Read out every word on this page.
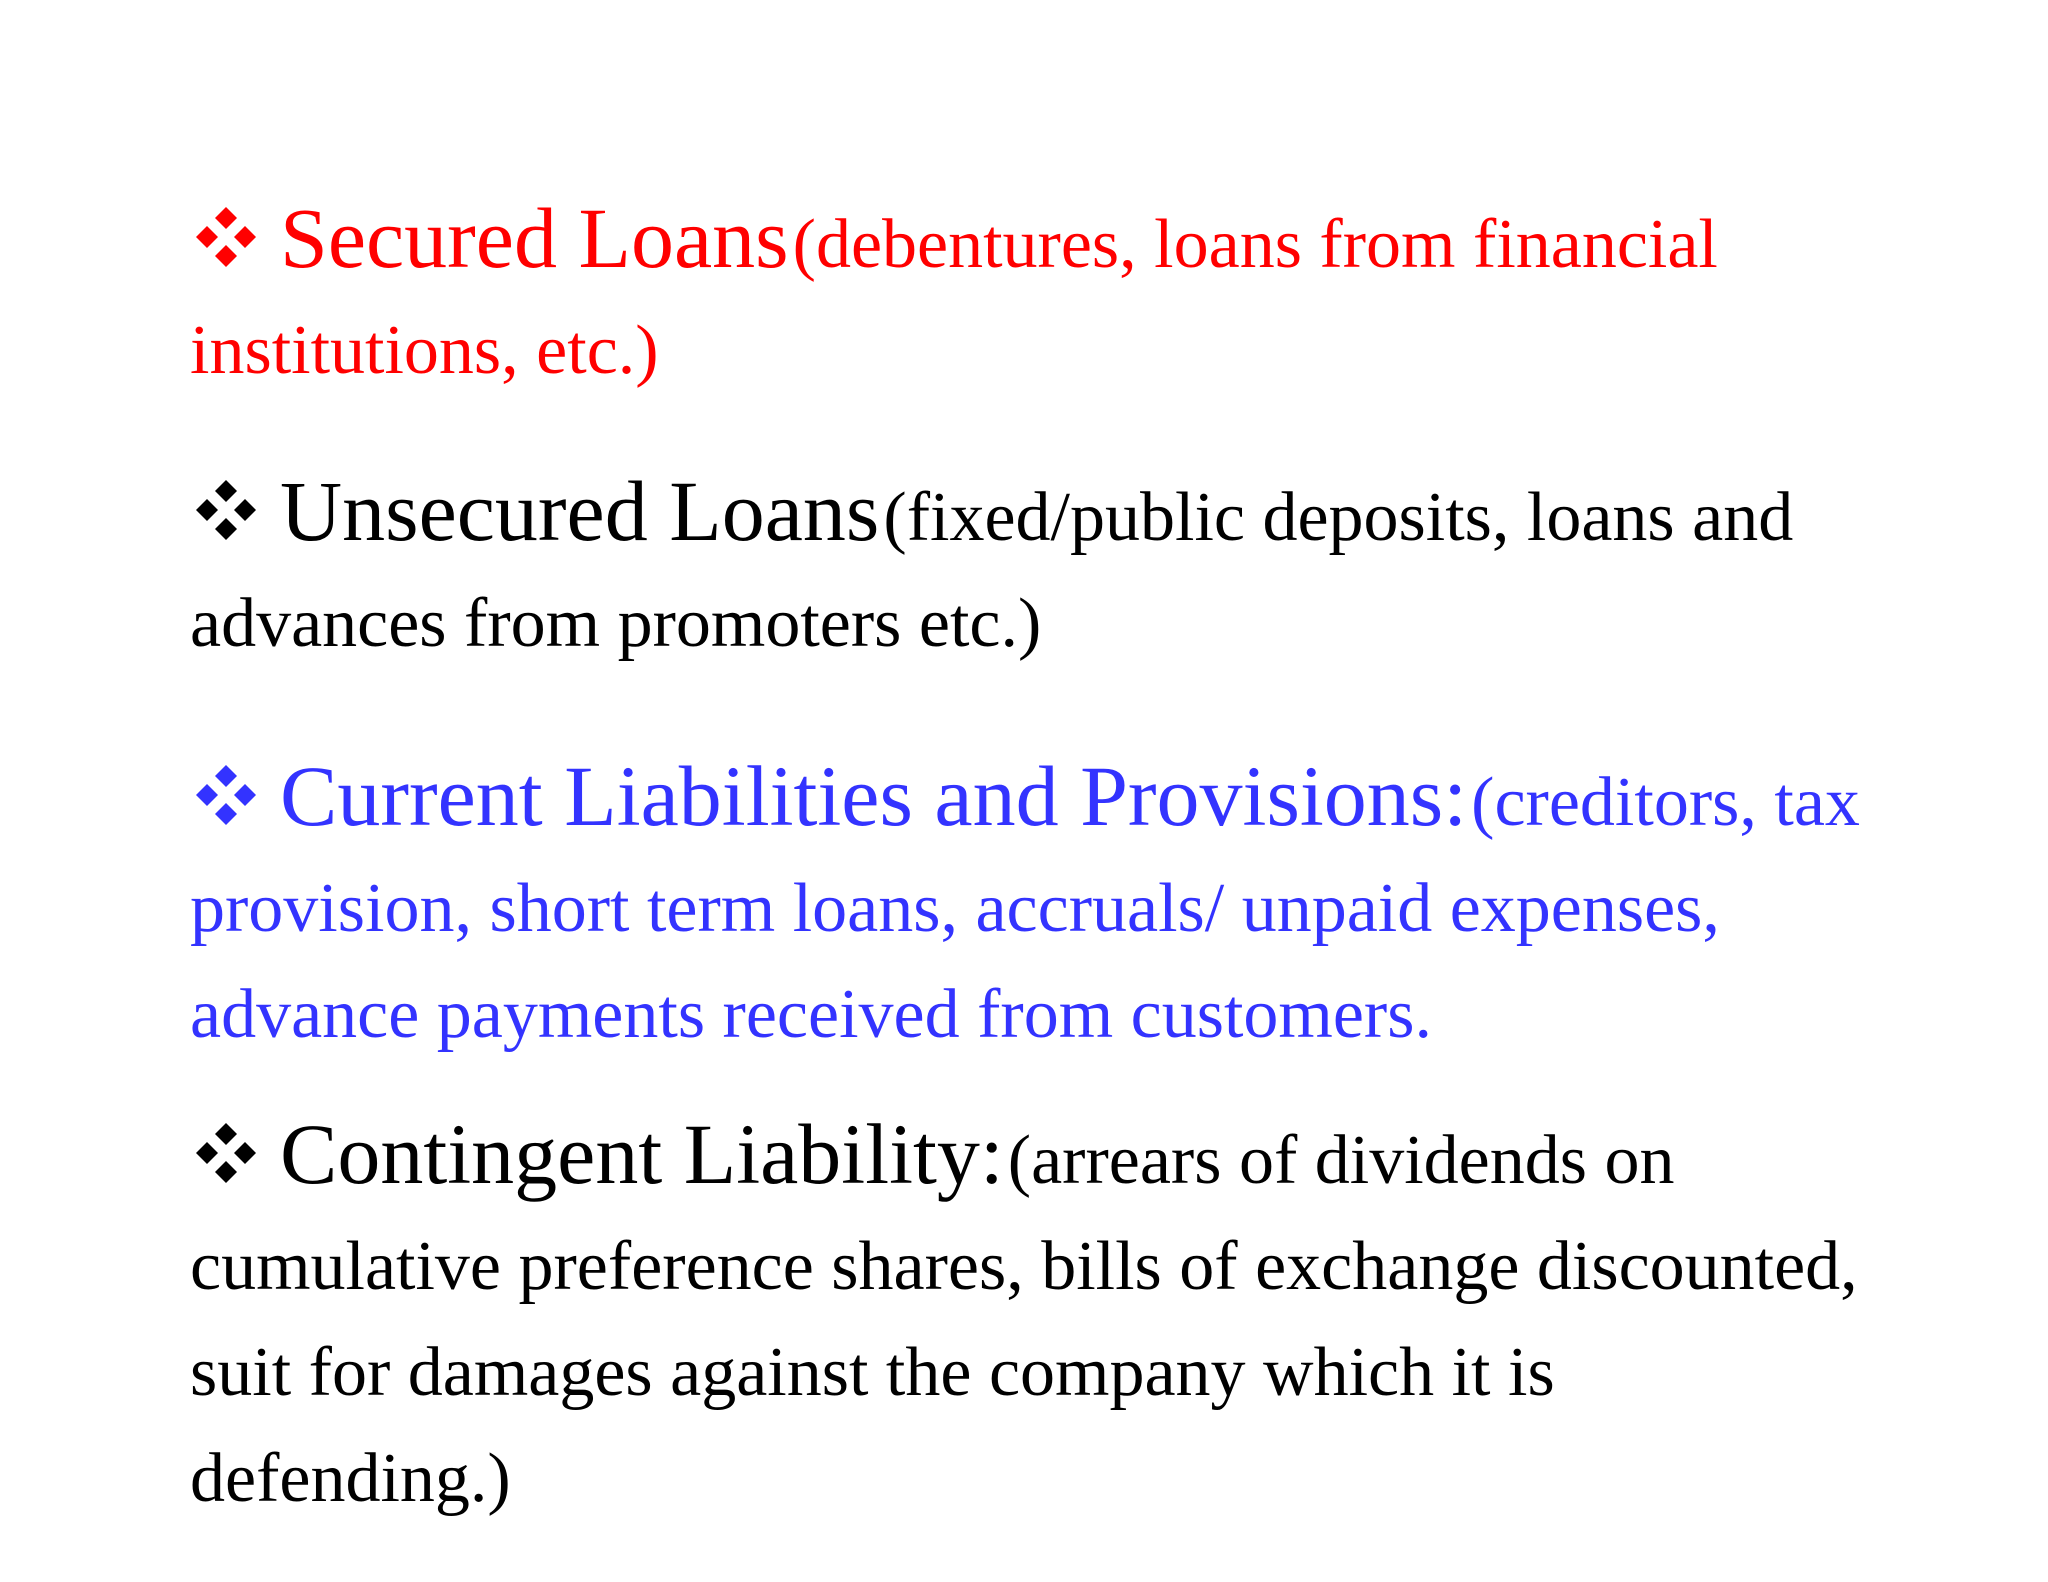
Secured Loans (debentures, loans from financial institutions, etc.)

Unsecured Loans (fixed/public deposits, loans and advances from promoters etc.)

Current Liabilities and Provisions: (creditors, tax provision, short term loans, accruals/ unpaid expenses, advance payments received from customers.

Contingent Liability: (arrears of dividends on cumulative preference shares, bills of exchange discounted, suit for damages against the company which it is defending.)
